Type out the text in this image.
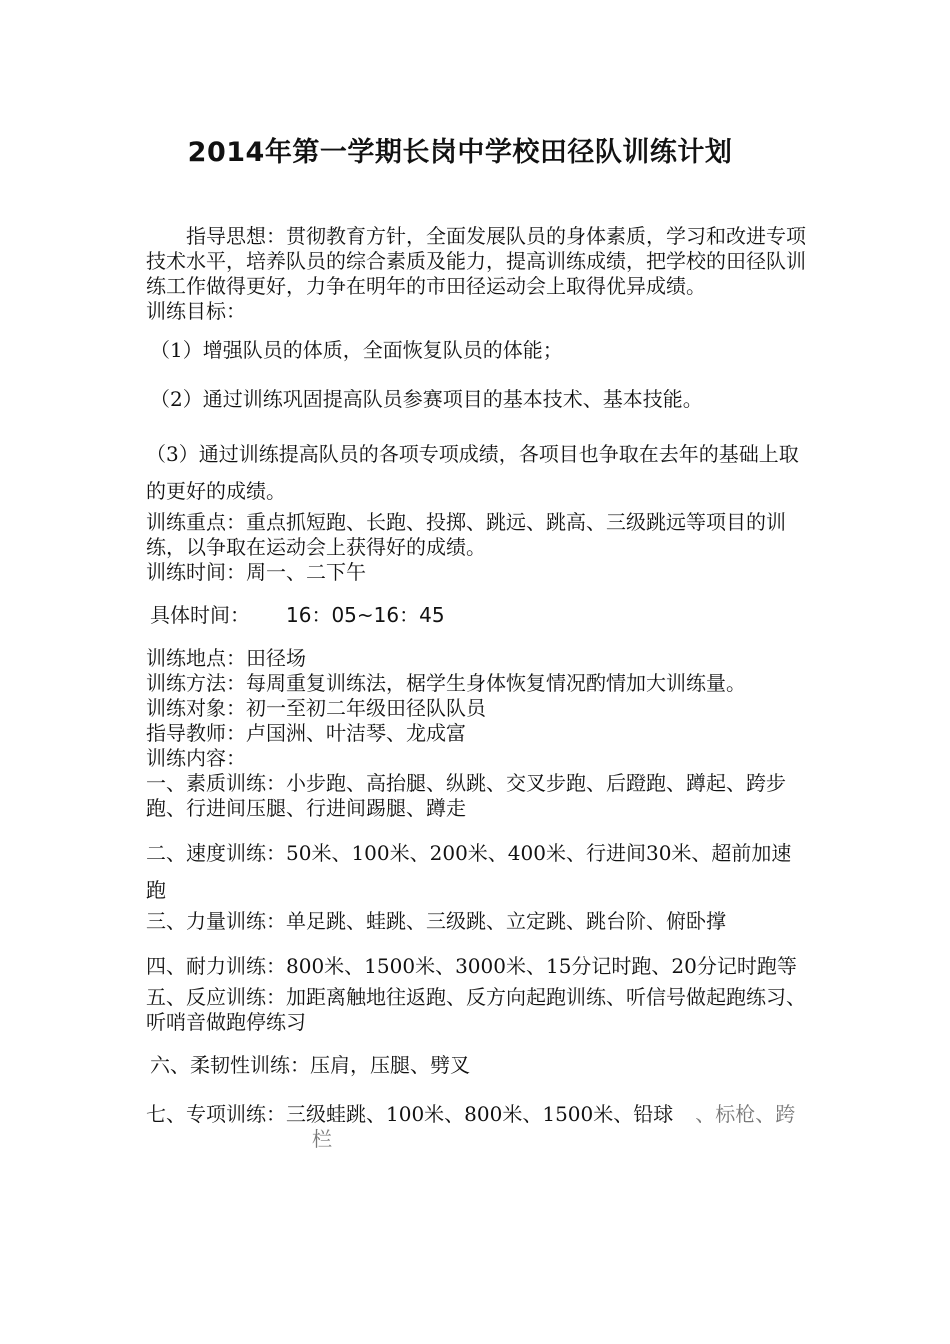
2014年第一学期长岗中学校田径队训练计划

指导思想：贯彻教育方针，全面发展队员的身体素质，学习和改进专项技术水平，培养队员的综合素质及能力，提高训练成绩，把学校的田径队训练工作做得更好，力争在明年的市田径运动会上取得优异成绩。

训练目标：

（1）增强队员的体质，全面恢复队员的体能；

（2）通过训练巩固提高队员参赛项目的基本技术、基本技能。

（3）通过训练提高队员的各项专项成绩，各项目也争取在去年的基础上取的更好的成绩。

训练重点：重点抓短跑、长跑、投掷、跳远、跳高、三级跳远等项目的训练，以争取在运动会上获得好的成绩。

训练时间：周一、二下午

具体时间： 16：05~16：45

训练地点：田径场

训练方法：每周重复训练法，椐学生身体恢复情况酌情加大训练量。

训练对象：初一至初二年级田径队队员

指导教师：卢国洲、叶洁琴、龙成富

训练内容：

一、素质训练：小步跑、高抬腿、纵跳、交叉步跑、后蹬跑、蹲起、跨步跑、行进间压腿、行进间踢腿、蹲走

二、速度训练：50米、100米、200米、400米、行进间30米、超前加速跑

三、力量训练：单足跳、蛙跳、三级跳、立定跳、跳台阶、俯卧撑

四、耐力训练：800米、1500米、3000米、15分记时跑、20分记时跑等

五、反应训练：加距离触地往返跑、反方向起跑训练、听信号做起跑练习、听哨音做跑停练习

六、柔韧性训练：压肩，压腿、劈叉

七、专项训练：三级蛙跳、100米、800米、1500米、铅球 、标枪、跨
栏
